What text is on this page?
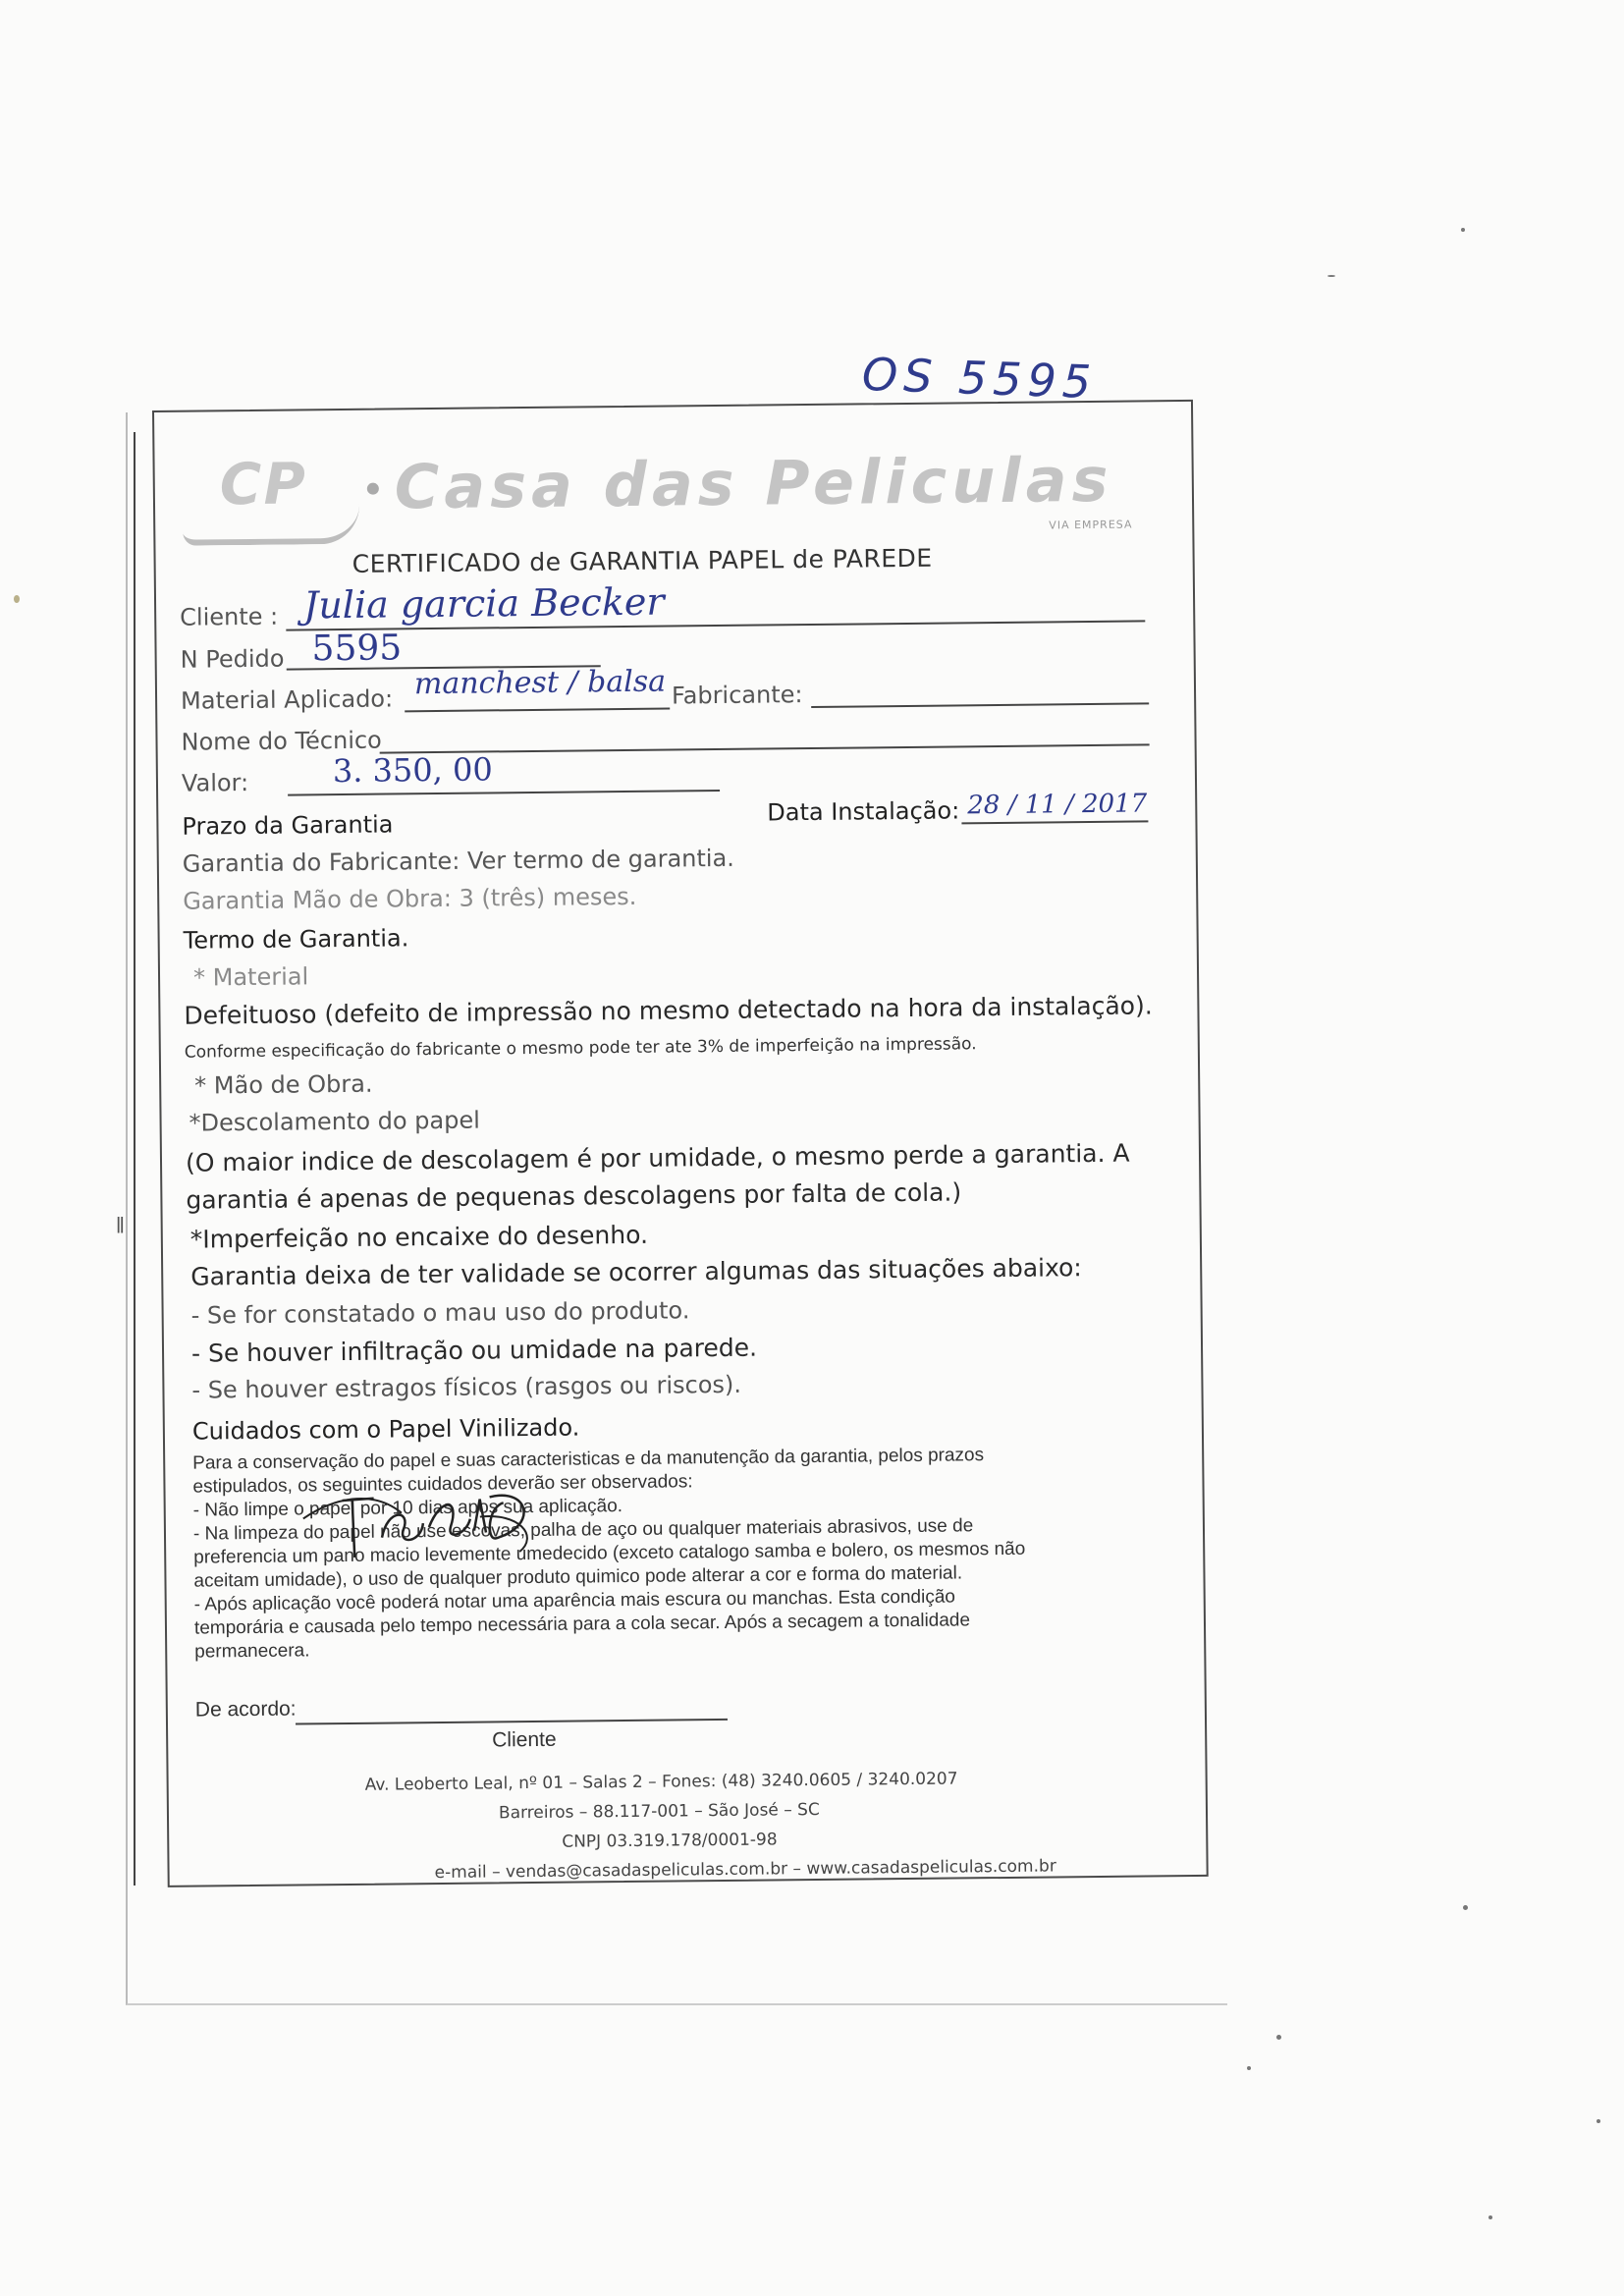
OS 5595
ǁ
CP Casa das Peliculas
VIA EMPRESA
CERTIFICADO de GARANTIA PAPEL de PAREDE
Cliente : Julia garcia Becker
N Pedido 5595
Material Aplicado: manchest / balsa Fabricante:
Nome do Técnico
Valor:	3. 350, 00
Prazo da Garantia	Data Instalação: 28 / 11 / 2017
Garantia do Fabricante: Ver termo de garantia.
Garantia Mão de Obra: 3 (três) meses.
Termo de Garantia.
* Material
Defeituoso (defeito de impressão no mesmo detectado na hora da instalação).
Conforme especificação do fabricante o mesmo pode ter ate 3% de imperfeição na impressão.
* Mão de Obra.
*Descolamento do papel
(O maior indice de descolagem é por umidade, o mesmo perde a garantia. A
garantia é apenas de pequenas descolagens por falta de cola.)
*Imperfeição no encaixe do desenho.
Garantia deixa de ter validade se ocorrer algumas das situações abaixo:
- Se for constatado o mau uso do produto.
- Se houver infiltração ou umidade na parede.
- Se houver estragos físicos (rasgos ou riscos).
Cuidados com o Papel Vinilizado.
Para a conservação do papel e suas caracteristicas e da manutenção da garantia, pelos prazos
estipulados, os seguintes cuidados deverão ser observados:
- Não limpe o papel por 10 dias apos sua aplicação.
- Na limpeza do papel não use escovas, palha de aço ou qualquer materiais abrasivos, use de
preferencia um pano macio levemente umedecido (exceto catalogo samba e bolero, os mesmos não
aceitam umidade), o uso de qualquer produto quimico pode alterar a cor e forma do material.
- Após aplicação você poderá notar uma aparência mais escura ou manchas. Esta condição
temporária e causada pelo tempo necessária para a cola secar. Após a secagem a tonalidade
permanecera.
De acordo:
Cliente
Av. Leoberto Leal, nº 01 – Salas 2 – Fones: (48) 3240.0605 / 3240.0207
Barreiros – 88.117-001 – São José – SC
CNPJ 03.319.178/0001-98
e-mail – vendas@casadaspeliculas.com.br – www.casadaspeliculas.com.br
